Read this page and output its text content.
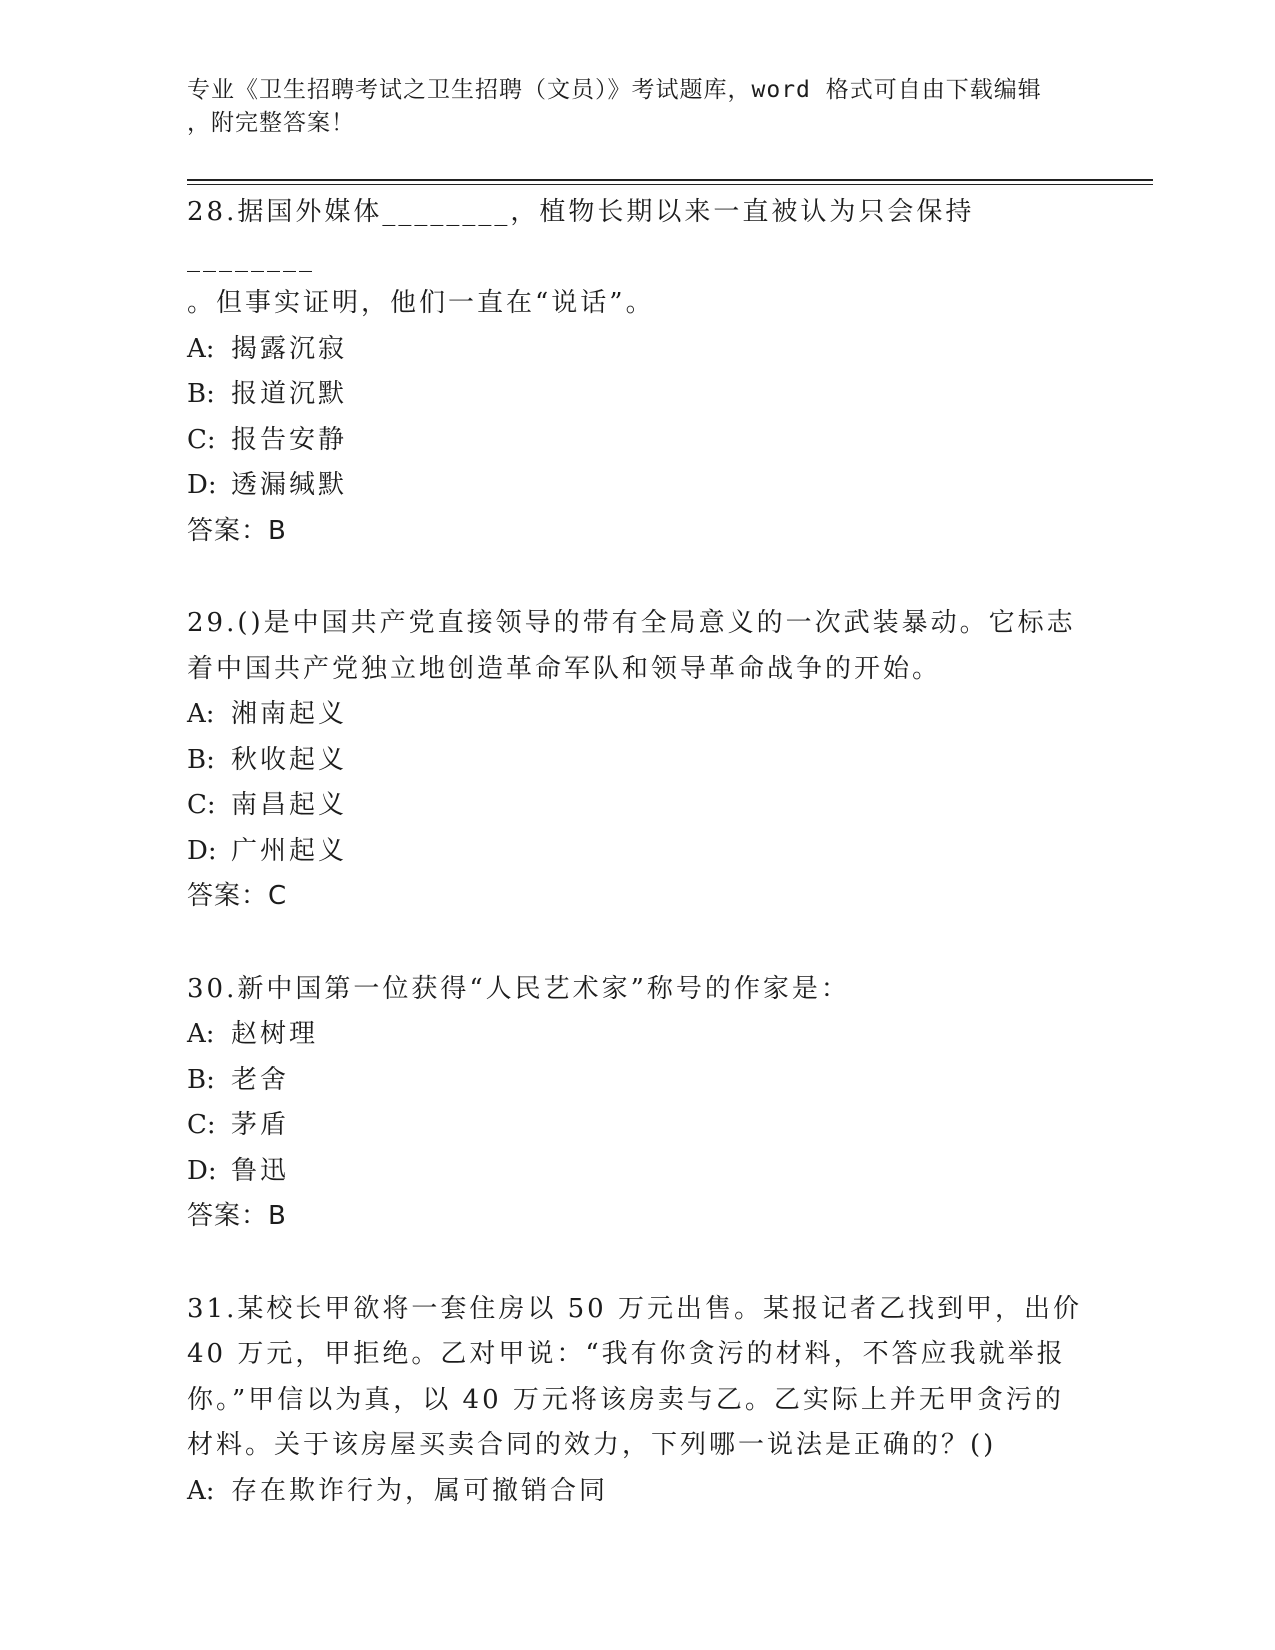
专业《卫生招聘考试之卫生招聘（文员）》考试题库，word 格式可自由下载编辑
，附完整答案！

28.据国外媒体________，植物长期以来一直被认为只会保持________

。但事实证明，他们一直在“说话”。

A: 揭露沉寂

B: 报道沉默

C: 报告安静

D: 透漏缄默

答案：B

29.()是中国共产党直接领导的带有全局意义的一次武装暴动。它标志

着中国共产党独立地创造革命军队和领导革命战争的开始。

A: 湘南起义

B: 秋收起义

C: 南昌起义

D: 广州起义

答案：C

30.新中国第一位获得“人民艺术家”称号的作家是：

A: 赵树理

B: 老舍

C: 茅盾

D: 鲁迅

答案：B

31.某校长甲欲将一套住房以 50 万元出售。某报记者乙找到甲，出价

40 万元，甲拒绝。乙对甲说：“我有你贪污的材料，不答应我就举报

你。”甲信以为真，以 40 万元将该房卖与乙。乙实际上并无甲贪污的

材料。关于该房屋买卖合同的效力，下列哪一说法是正确的？()

A: 存在欺诈行为，属可撤销合同
